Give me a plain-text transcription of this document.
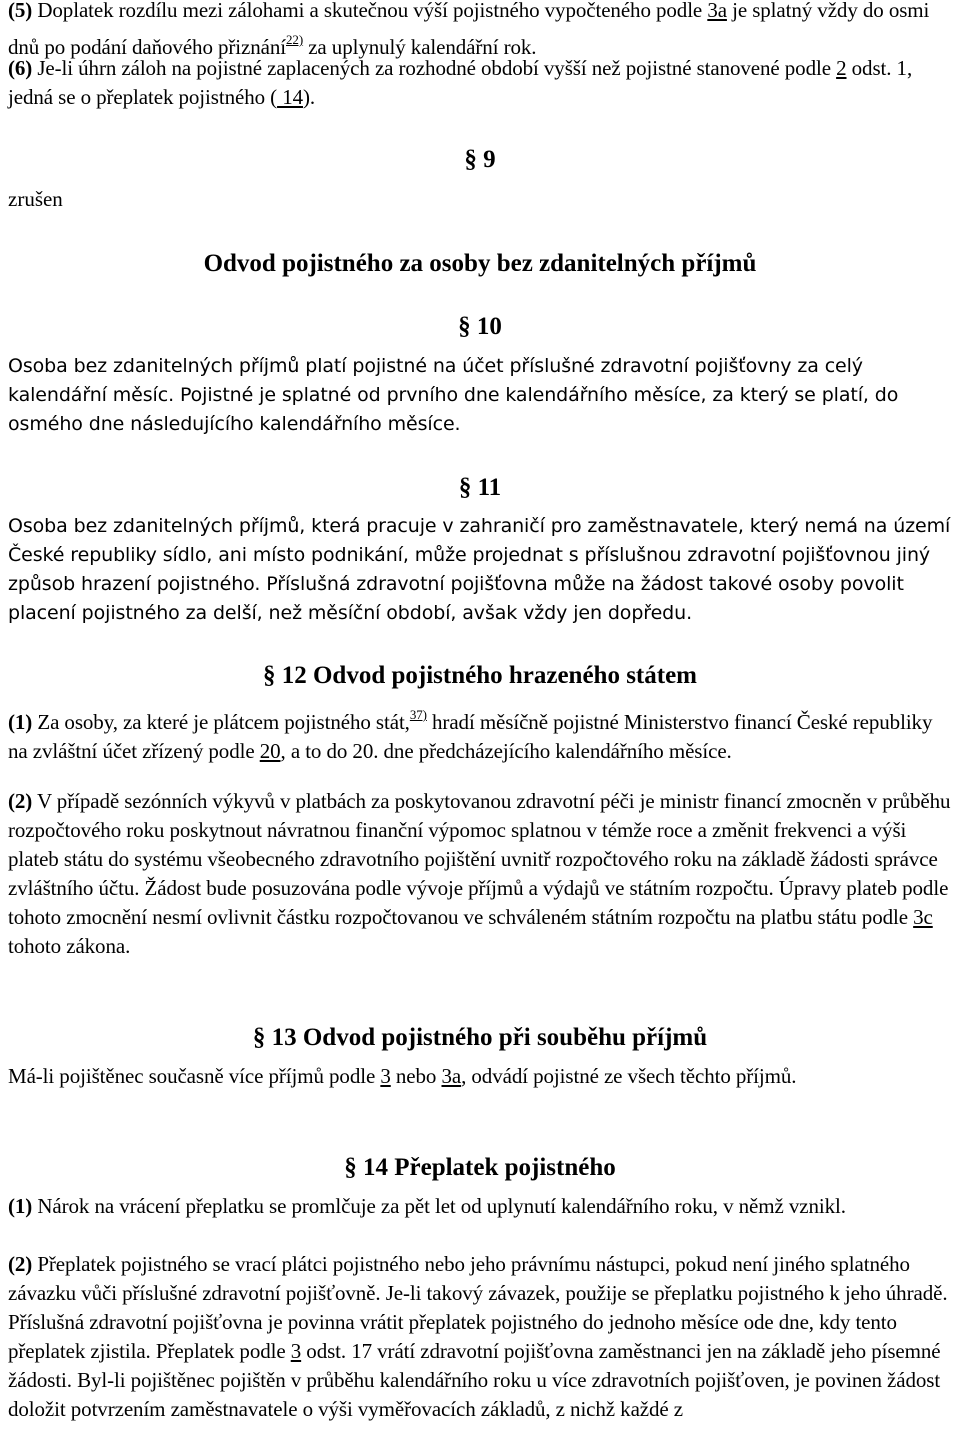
(5) Doplatek rozdílu mezi zálohami a skutečnou výší pojistného vypočteného podle 3a je splatný vždy do osmi dnů po podání daňového přiznání$^{22)}$ za uplynulý kalendářní rok.

(6) Je-li úhrn záloh na pojistné zaplacených za rozhodné období vyšší než pojistné stanovené podle 2 odst. 1, jedná se o přeplatek pojistného ( 14).

zrušen
§ 9
Odvod pojistného za osoby bez zdanitelných příjmů
§ 10

Osoba bez zdanitelných příjmů platí pojistné na účet příslušné zdravotní pojišťovny za celý kalendářní měsíc. Pojistné je splatné od prvního dne kalendářního měsíce, za který se platí, do osmého dne následujícího kalendářního měsíce.

§ 11

Osoba bez zdanitelných příjmů, která pracuje v zahraničí pro zaměstnavatele, který nemá na území České republiky sídlo, ani místo podnikání, může projednat s příslušnou zdravotní pojišťovnou jiný způsob hrazení pojistného. Příslušná zdravotní pojišťovna může na žádost takové osoby povolit placení pojistného za delší, než měsíční období, avšak vždy jen dopředu.

§ 12 Odvod pojistného hrazeného státem

(1) Za osoby, za které je plátcem pojistného stát,$^{37)}$ hradí měsíčně pojistné Ministerstvo financí České republiky na zvláštní účet zřízený podle 20, a to do 20. dne předcházejícího kalendářního měsíce.

(2) V případě sezónních výkyvů v platbách za poskytovanou zdravotní péči je ministr financí zmocněn v průběhu rozpočtového roku poskytnout návratnou finanční výpomoc splatnou v témže roce a změnit frekvenci a výši plateb státu do systému všeobecného zdravotního pojištění uvnitř rozpočtového roku na základě žádosti správce zvláštního účtu. Žádost bude posuzována podle vývoje příjmů a výdajů ve státním rozpočtu. Úpravy plateb podle tohoto zmocnění nesmí ovlivnit částku rozpočtovanou ve schváleném státním rozpočtu na platbu státu podle 3c tohoto zákona.

§ 13 Odvod pojistného při souběhu příjmů

Má-li pojištěnec současně více příjmů podle 3 nebo 3a, odvádí pojistné ze všech těchto příjmů.

§ 14 Přeplatek pojistného

(1) Nárok na vrácení přeplatku se promlčuje za pět let od uplynutí kalendářního roku, v němž vznikl.

(2) Přeplatek pojistného se vrací plátci pojistného nebo jeho právnímu nástupci, pokud není jiného splatného závazku vůči příslušné zdravotní pojišťovně. Je-li takový závazek, použije se přeplatku pojistného k jeho úhradě. Příslušná zdravotní pojišťovna je povinna vrátit přeplatek pojistného do jednoho měsíce ode dne, kdy tento přeplatek zjistila. Přeplatek podle 3 odst. 17 vrátí zdravotní pojišťovna zaměstnanci jen na základě jeho písemné žádosti. Byl-li pojištěnec pojištěn v průběhu kalendářního roku u více zdravotních pojišťoven, je povinen žádost doložit potvrzením zaměstnavatele o výši vyměřovacích základů, z nichž každé z
